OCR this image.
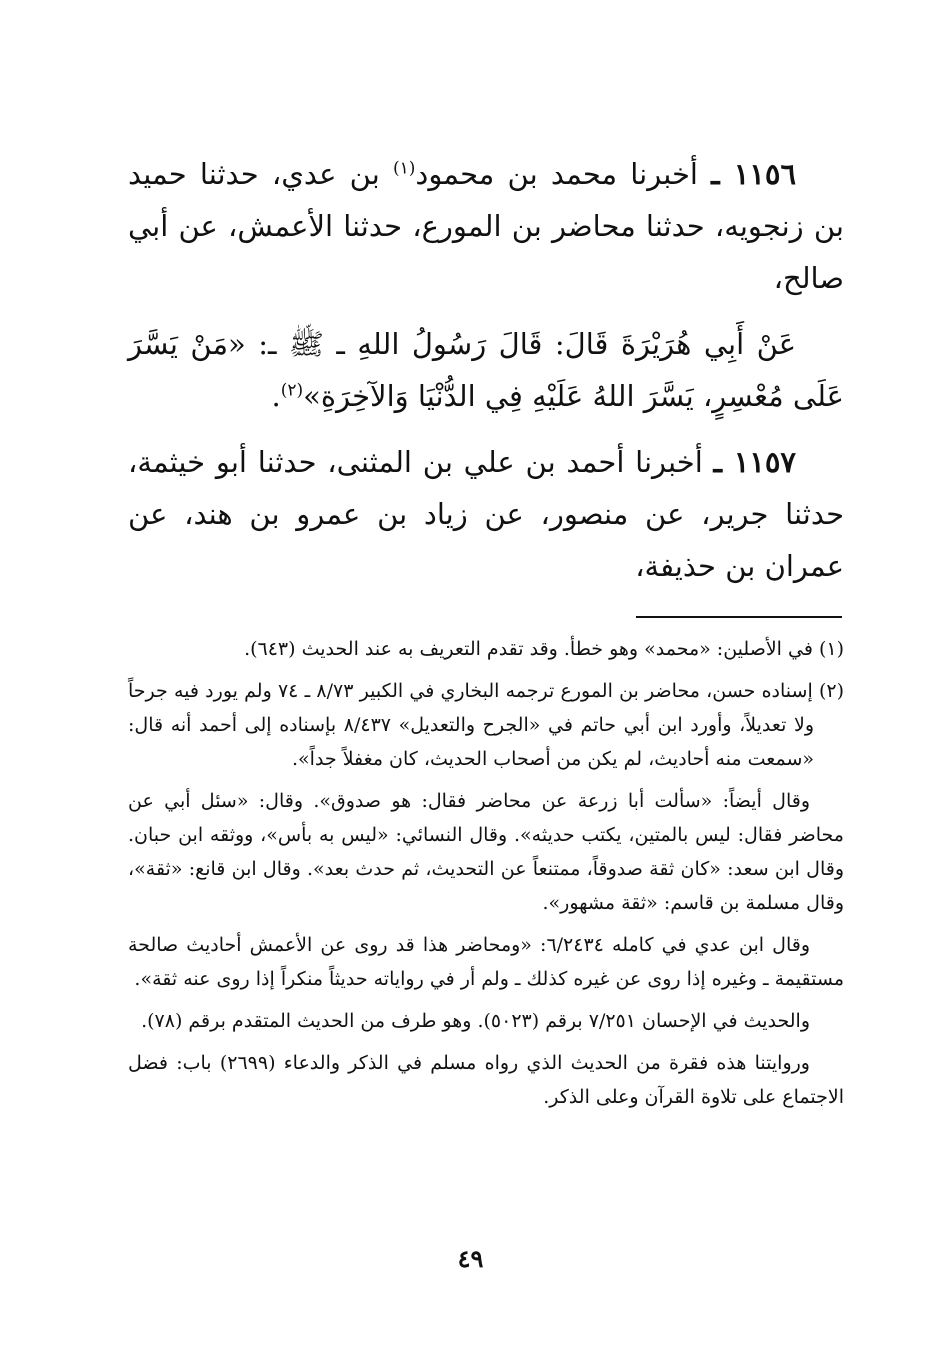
١١٥٦ ـ أخبرنا محمد بن محمود$^{(١)}$ بن عدي، حدثنا حميد بن زنجويه، حدثنا محاضر بن المورع، حدثنا الأعمش، عن أبي صالح،

عَنْ أَبِي هُرَيْرَةَ قَالَ: قَالَ رَسُولُ اللهِ ـ ﷺ ـ: «مَنْ يَسَّرَ عَلَى مُعْسِرٍ، يَسَّرَ اللهُ عَلَيْهِ فِي الدُّنْيَا وَالآخِرَةِ»$^{(٢)}$.

١١٥٧ ـ أخبرنا أحمد بن علي بن المثنى، حدثنا أبو خيثمة، حدثنا جرير، عن منصور، عن زياد بن عمرو بن هند، عن عمران بن حذيفة،

(١) في الأصلين: «محمد» وهو خطأ. وقد تقدم التعريف به عند الحديث (٦٤٣).

(٢) إسناده حسن، محاضر بن المورع ترجمه البخاري في الكبير ٨/٧٣ ـ ٧٤ ولم يورد فيه جرحاً ولا تعديلاً، وأورد ابن أبي حاتم في «الجرح والتعديل» ٨/٤٣٧ بإسناده إلى أحمد أنه قال: «سمعت منه أحاديث، لم يكن من أصحاب الحديث، كان مغفلاً جداً».

وقال أيضاً: «سألت أبا زرعة عن محاضر فقال: هو صدوق». وقال: «سئل أبي عن محاضر فقال: ليس بالمتين، يكتب حديثه». وقال النسائي: «ليس به بأس»، ووثقه ابن حبان. وقال ابن سعد: «كان ثقة صدوقاً، ممتنعاً عن التحديث، ثم حدث بعد». وقال ابن قانع: «ثقة»، وقال مسلمة بن قاسم: «ثقة مشهور».

وقال ابن عدي في كامله ٦/٢٤٣٤: «ومحاضر هذا قد روى عن الأعمش أحاديث صالحة مستقيمة ـ وغيره إذا روى عن غيره كذلك ـ ولم أر في رواياته حديثاً منكراً إذا روى عنه ثقة».

والحديث في الإحسان ٧/٢٥١ برقم (٥٠٢٣). وهو طرف من الحديث المتقدم برقم (٧٨).

وروايتنا هذه فقرة من الحديث الذي رواه مسلم في الذكر والدعاء (٢٦٩٩) باب: فضل الاجتماع على تلاوة القرآن وعلى الذكر.

٤٩
